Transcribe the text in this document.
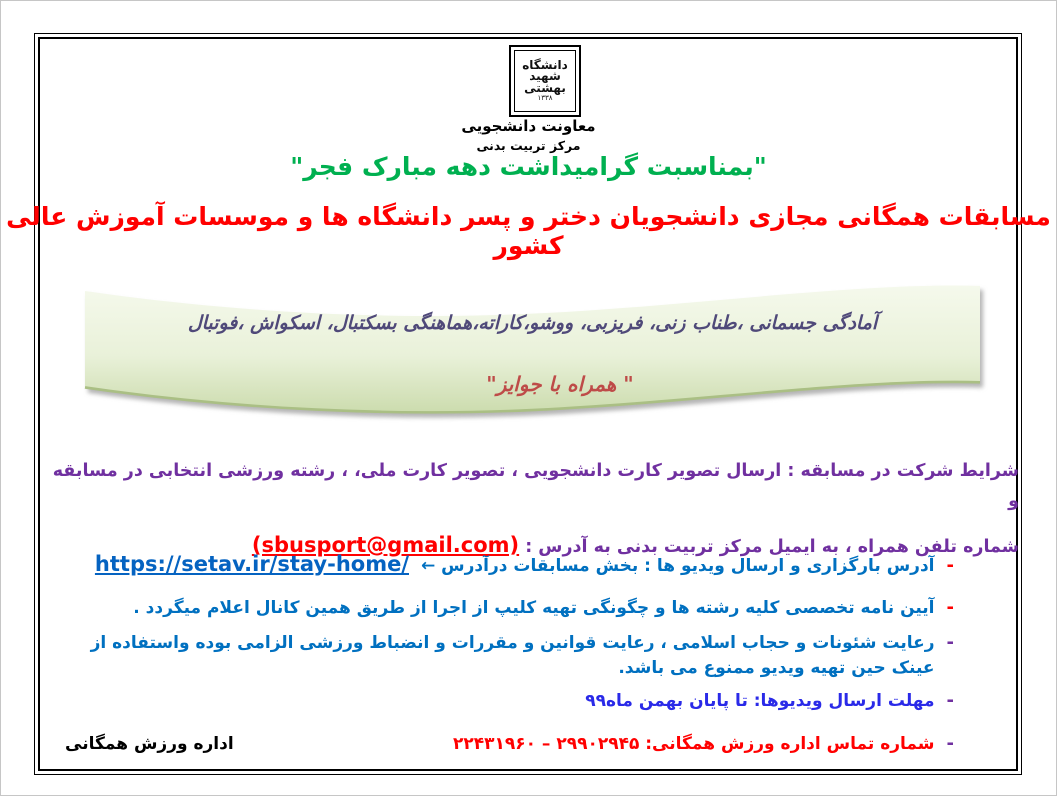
دانشگاه
شهید
بهشتی
۱۳۳۸
معاونت دانشجویی
مرکز تربیت بدنی
"بمناسبت گرامیداشت دهه مبارک فجر"
مسابقات همگانی مجازی دانشجویان دختر و پسر دانشگاه ها و موسسات آموزش عالی کشور
آمادگی جسمانی ،طناب زنی، فریزبی، ووشو،کاراته،هماهنگی بسکتبال، اسکواش ،فوتبال
" همراه با جوایز"
شرایط شرکت در مسابقه : ارسال تصویر کارت دانشجویی ، تصویر کارت ملی، ، رشته ورزشی انتخابی در مسابقه و
شماره تلفن همراه ، به ایمیل مرکز تربیت بدنی به آدرس : (sbusport@gmail.com)
-
آدرس بارگزاری و ارسال ویدیو ها : بخش مسابقات درآدرس ←
https://setav.ir/stay-home/
-
آیین نامه تخصصی کلیه رشته ها و چگونگی تهیه کلیپ از اجرا از طریق همین کانال اعلام میگردد .
-
رعایت شئونات و حجاب اسلامی ، رعایت قوانین و مقررات و انضباط ورزشی الزامی بوده واستفاده از عینک حین تهیه ویدیو ممنوع می باشد.
-
مهلت ارسال ویدیوها: تا پایان بهمن ماه۹۹
-
شماره تماس اداره ورزش همگانی: ۲۹۹۰۲۹۴۵ – ۲۲۴۳۱۹۶۰
اداره ورزش همگانی
